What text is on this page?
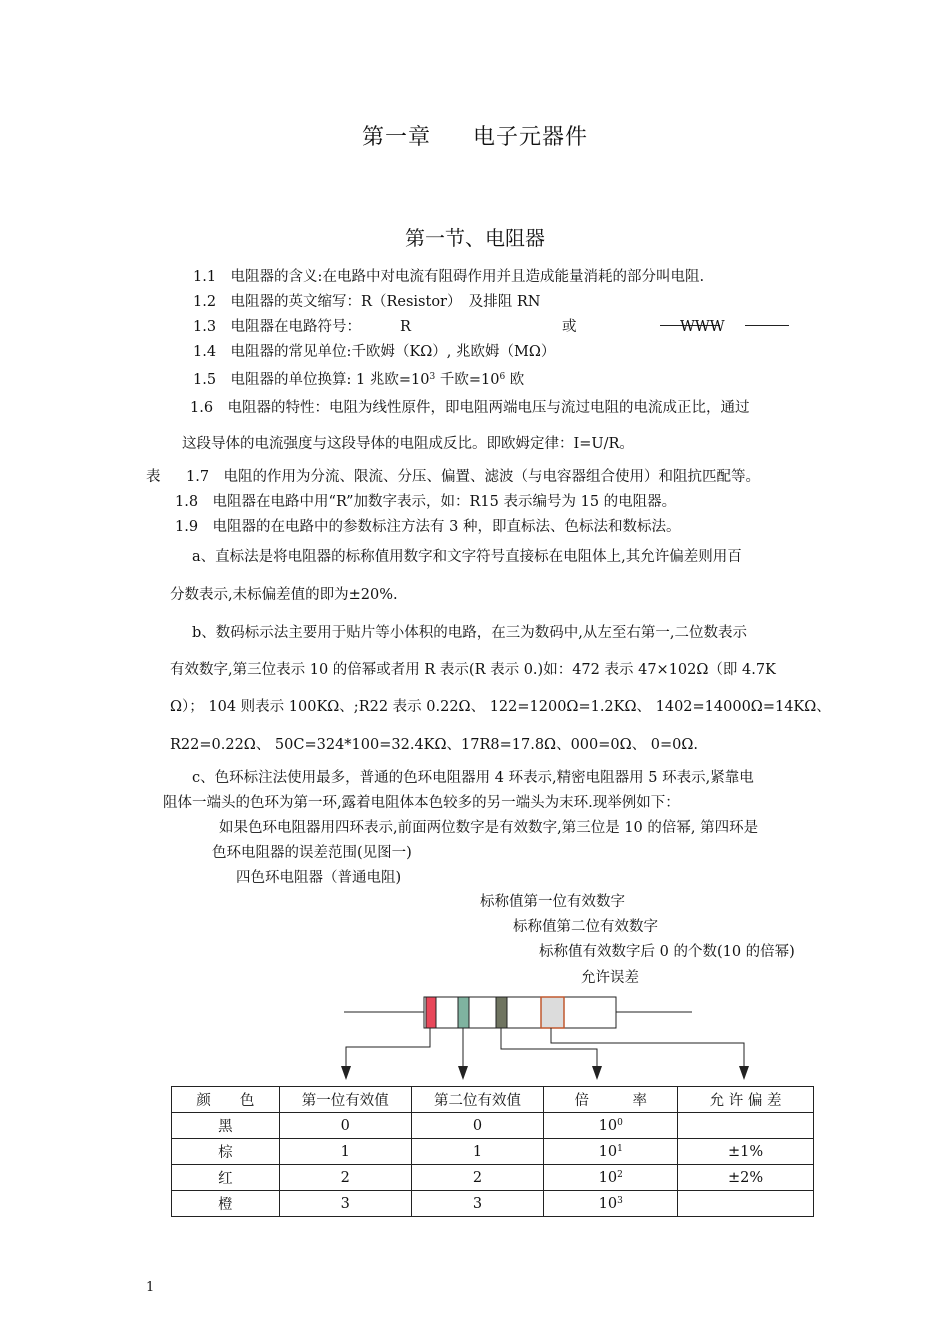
第一章 电子元器件
第一节、电阻器
1.1　电阻器的含义:在电路中对电流有阻碍作用并且造成能量消耗的部分叫电阻.
1.2　电阻器的英文缩写：R（Resistor）　及排阻 RN
1.3　电阻器在电路符号：	R	或	WWW
1.4　电阻器的常见单位:千欧姆（KΩ）, 兆欧姆（MΩ）
1.5　电阻器的单位换算: 1 兆欧$=10^3$ 千欧$=10^6$ 欧
1.6　电阻器的特性：电阻为线性原件，即电阻两端电压与流过电阻的电流成正比，通过
这段导体的电流强度与这段导体的电阻成反比。即欧姆定律：I=U/R。
表 1.7　电阻的作用为分流、限流、分压、偏置、滤波（与电容器组合使用）和阻抗匹配等。
1.8　电阻器在电路中用“R”加数字表示，如：R15 表示编号为 15 的电阻器。
1.9　电阻器的在电路中的参数标注方法有 3 种，即直标法、色标法和数标法。
a、直标法是将电阻器的标称值用数字和文字符号直接标在电阻体上,其允许偏差则用百
分数表示,未标偏差值的即为±20%.
b、数码标示法主要用于贴片等小体积的电路，在三为数码中,从左至右第一,二位数表示
有效数字,第三位表示 10 的倍幂或者用 R 表示(R 表示 0.)如：472 表示 47×102Ω（即 4.7K
Ω）； 104 则表示 100KΩ、;R22 表示 0.22Ω、 122=1200Ω=1.2KΩ、 1402=14000Ω=14KΩ、
R22=0.22Ω、 50C=324*100=32.4KΩ、17R8=17.8Ω、000=0Ω、 0=0Ω.
c、色环标注法使用最多，普通的色环电阻器用 4 环表示,精密电阻器用 5 环表示,紧靠电
阻体一端头的色环为第一环,露着电阻体本色较多的另一端头为末环.现举例如下：
如果色环电阻器用四环表示,前面两位数字是有效数字,第三位是 10 的倍幂, 第四环是
色环电阻器的误差范围(见图一)
四色环电阻器（普通电阻)
标称值第一位有效数字
标称值第二位有效数字
标称值有效数字后 0 的个数(10 的倍幂)
允许误差
颜　　色	第一位有效值	第二位有效值	倍　　　率	允 许 偏 差
黑	0	0	$10^0$	
棕	1	1	$10^1$	±1%
红	2	2	$10^2$	±2%
橙	3	3	$10^3$	
1
